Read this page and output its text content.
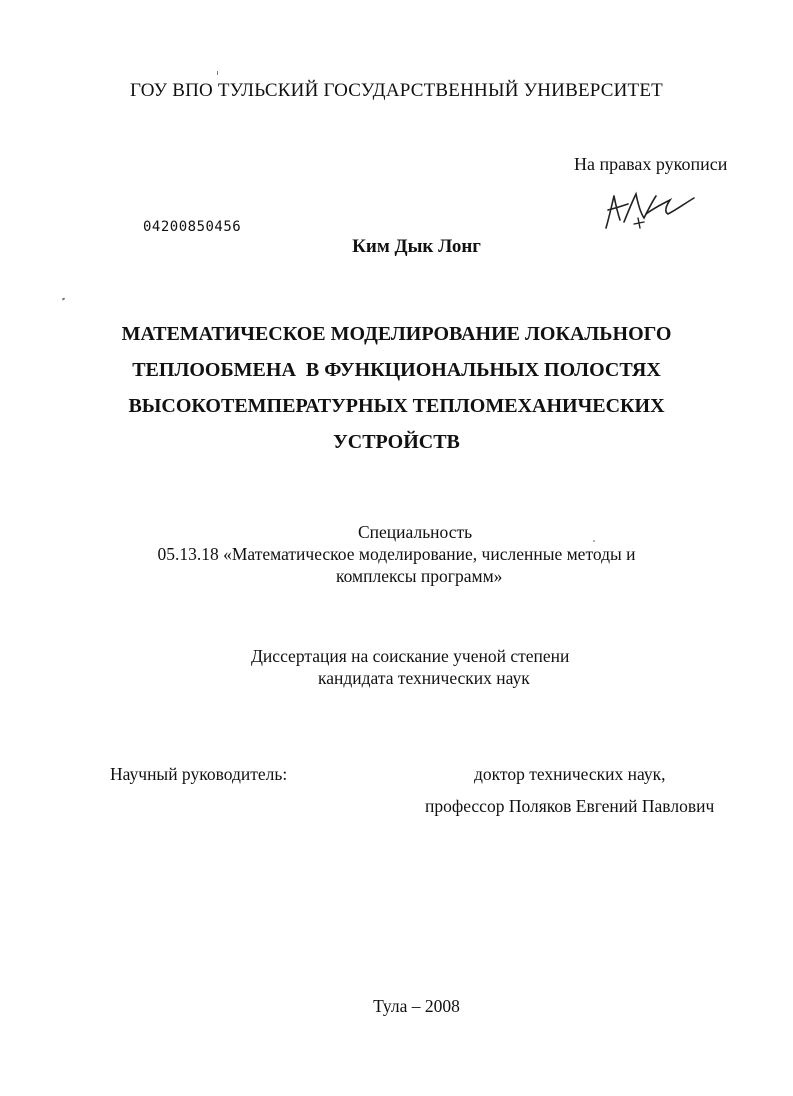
ГОУ ВПО ТУЛЬСКИЙ ГОСУДАРСТВЕННЫЙ УНИВЕРСИТЕТ
На правах рукописи
04200850456
Ким Дык Лонг
МАТЕМАТИЧЕСКОЕ МОДЕЛИРОВАНИЕ ЛОКАЛЬНОГО
ТЕПЛООБМЕНА  В ФУНКЦИОНАЛЬНЫХ ПОЛОСТЯХ
ВЫСОКОТЕМПЕРАТУРНЫХ ТЕПЛОМЕХАНИЧЕСКИХ
УСТРОЙСТВ
Специальность
05.13.18 «Математическое моделирование, численные методы и
комплексы программ»
Диссертация на соискание ученой степени
кандидата технических наук
Научный руководитель:	доктор технических наук,
профессор Поляков Евгений Павлович
Тула – 2008
